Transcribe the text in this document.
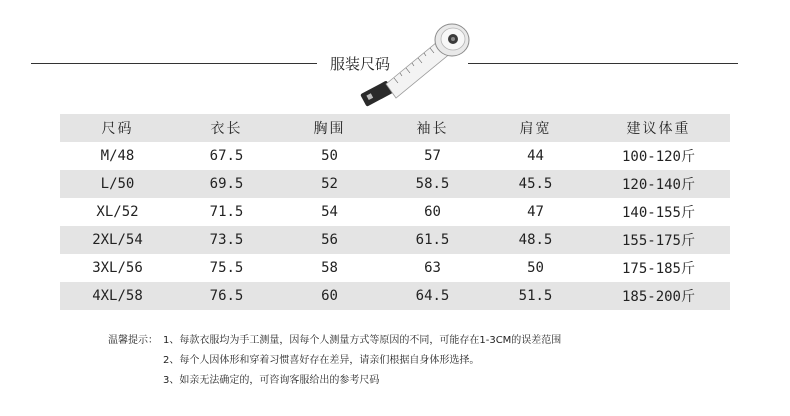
服装尺码
尺码	衣长	胸围	袖长	肩宽	建议体重
M/48	67.5	50	57	44	100-120斤
L/50	69.5	52	58.5	45.5	120-140斤
XL/52	71.5	54	60	47	140-155斤
2XL/54	73.5	56	61.5	48.5	155-175斤
3XL/56	75.5	58	63	50	175-185斤
4XL/58	76.5	60	64.5	51.5	185-200斤
温馨提示： 1、每款衣服均为手工测量，因每个人测量方式等原因的不同，可能存在1-3CM的误差范围
2、每个人因体形和穿着习惯喜好存在差异，请亲们根据自身体形选择。
3、如亲无法确定的，可咨询客服给出的参考尺码
